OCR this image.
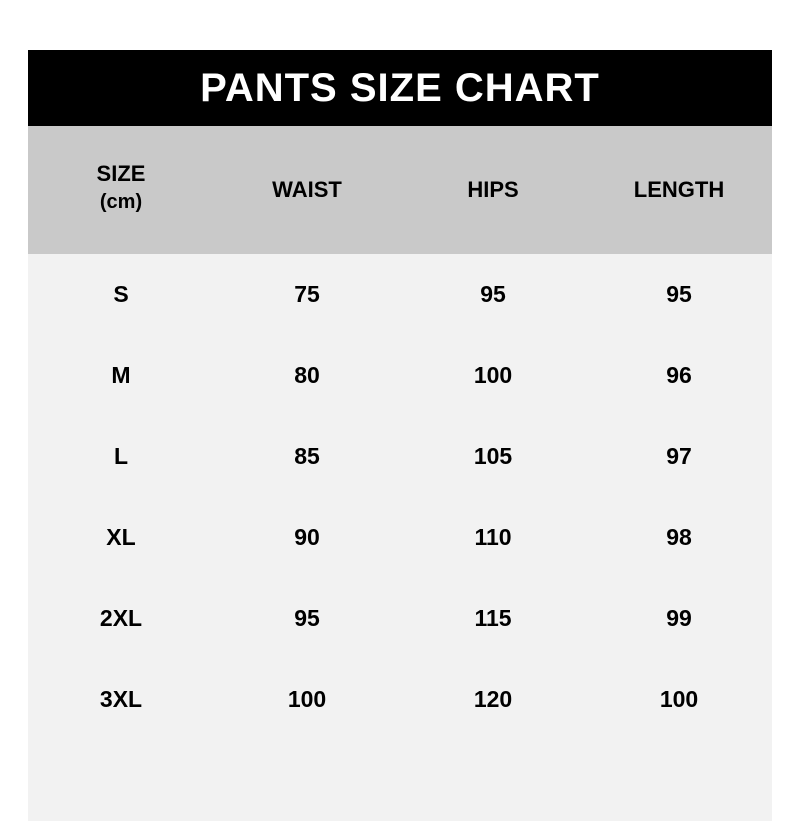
PANTS SIZE CHART
SIZE
(cm)	WAIST	HIPS	LENGTH

S	75	95	95
M	80	100	96
L	85	105	97
XL	90	110	98
2XL	95	115	99
3XL	100	120	100
